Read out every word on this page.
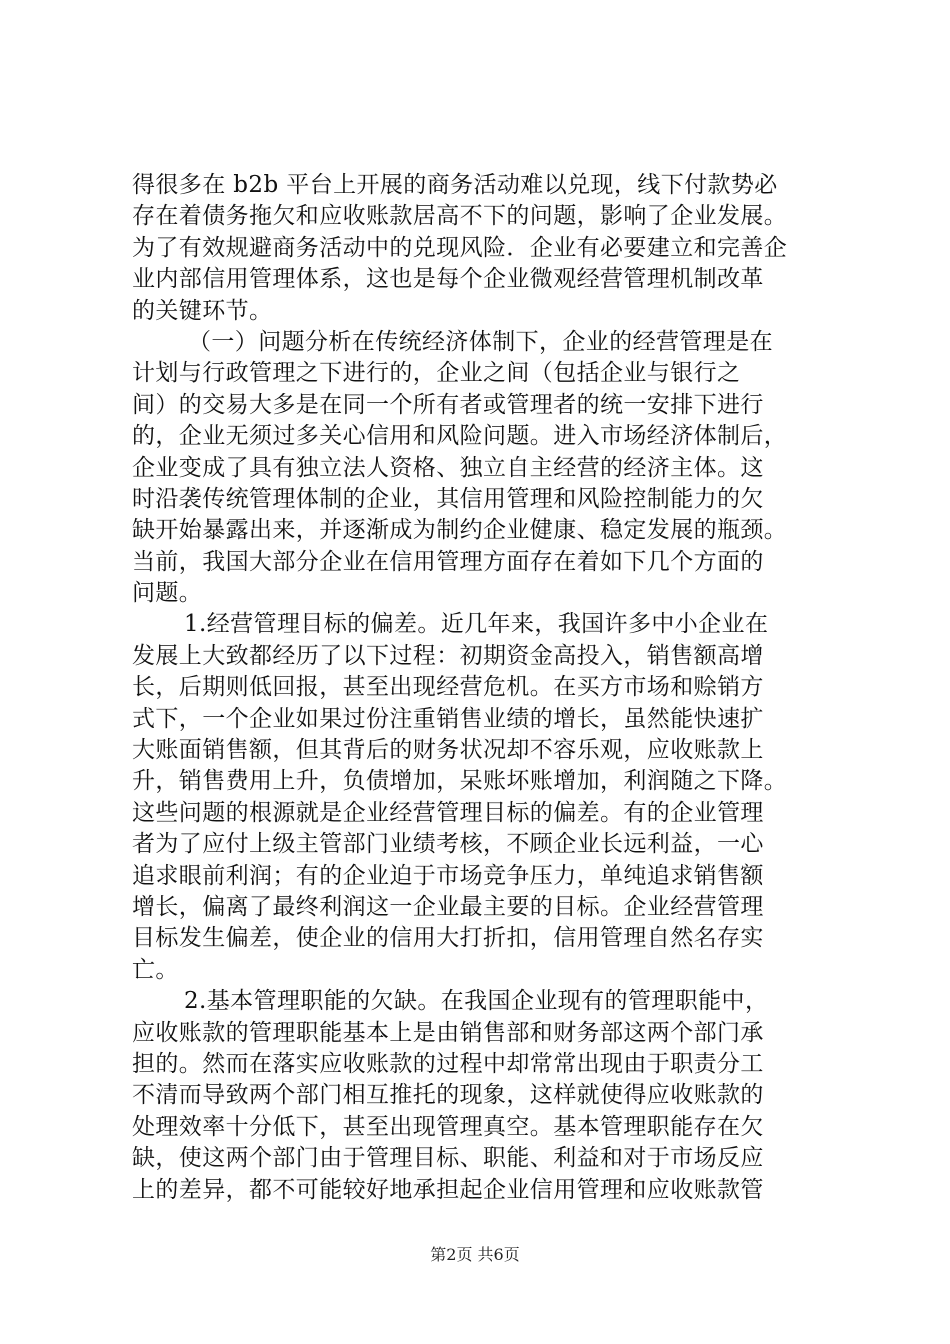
得很多在 b2b 平台上开展的商务活动难以兑现，线下付款势必
存在着债务拖欠和应收账款居高不下的问题，影响了企业发展。
为了有效规避商务活动中的兑现风险．企业有必要建立和完善企
业内部信用管理体系，这也是每个企业微观经营管理机制改革
的关键环节。
（一）问题分析在传统经济体制下，企业的经营管理是在
计划与行政管理之下进行的，企业之间（包括企业与银行之
间）的交易大多是在同一个所有者或管理者的统一安排下进行
的，企业无须过多关心信用和风险问题。进入市场经济体制后，
企业变成了具有独立法人资格、独立自主经营的经济主体。这
时沿袭传统管理体制的企业，其信用管理和风险控制能力的欠
缺开始暴露出来，并逐渐成为制约企业健康、稳定发展的瓶颈。
当前，我国大部分企业在信用管理方面存在着如下几个方面的
问题。
1.经营管理目标的偏差。近几年来，我国许多中小企业在
发展上大致都经历了以下过程：初期资金高投入，销售额高增
长，后期则低回报，甚至出现经营危机。在买方市场和赊销方
式下，一个企业如果过份注重销售业绩的增长，虽然能快速扩
大账面销售额，但其背后的财务状况却不容乐观，应收账款上
升，销售费用上升，负债增加，呆账坏账增加，利润随之下降。
这些问题的根源就是企业经营管理目标的偏差。有的企业管理
者为了应付上级主管部门业绩考核，不顾企业长远利益，一心
追求眼前利润；有的企业迫于市场竞争压力，单纯追求销售额
增长，偏离了最终利润这一企业最主要的目标。企业经营管理
目标发生偏差，使企业的信用大打折扣，信用管理自然名存实
亡。
2.基本管理职能的欠缺。在我国企业现有的管理职能中，
应收账款的管理职能基本上是由销售部和财务部这两个部门承
担的。然而在落实应收账款的过程中却常常出现由于职责分工
不清而导致两个部门相互推托的现象，这样就使得应收账款的
处理效率十分低下，甚至出现管理真空。基本管理职能存在欠
缺，使这两个部门由于管理目标、职能、利益和对于市场反应
上的差异，都不可能较好地承担起企业信用管理和应收账款管
第2页 共6页
